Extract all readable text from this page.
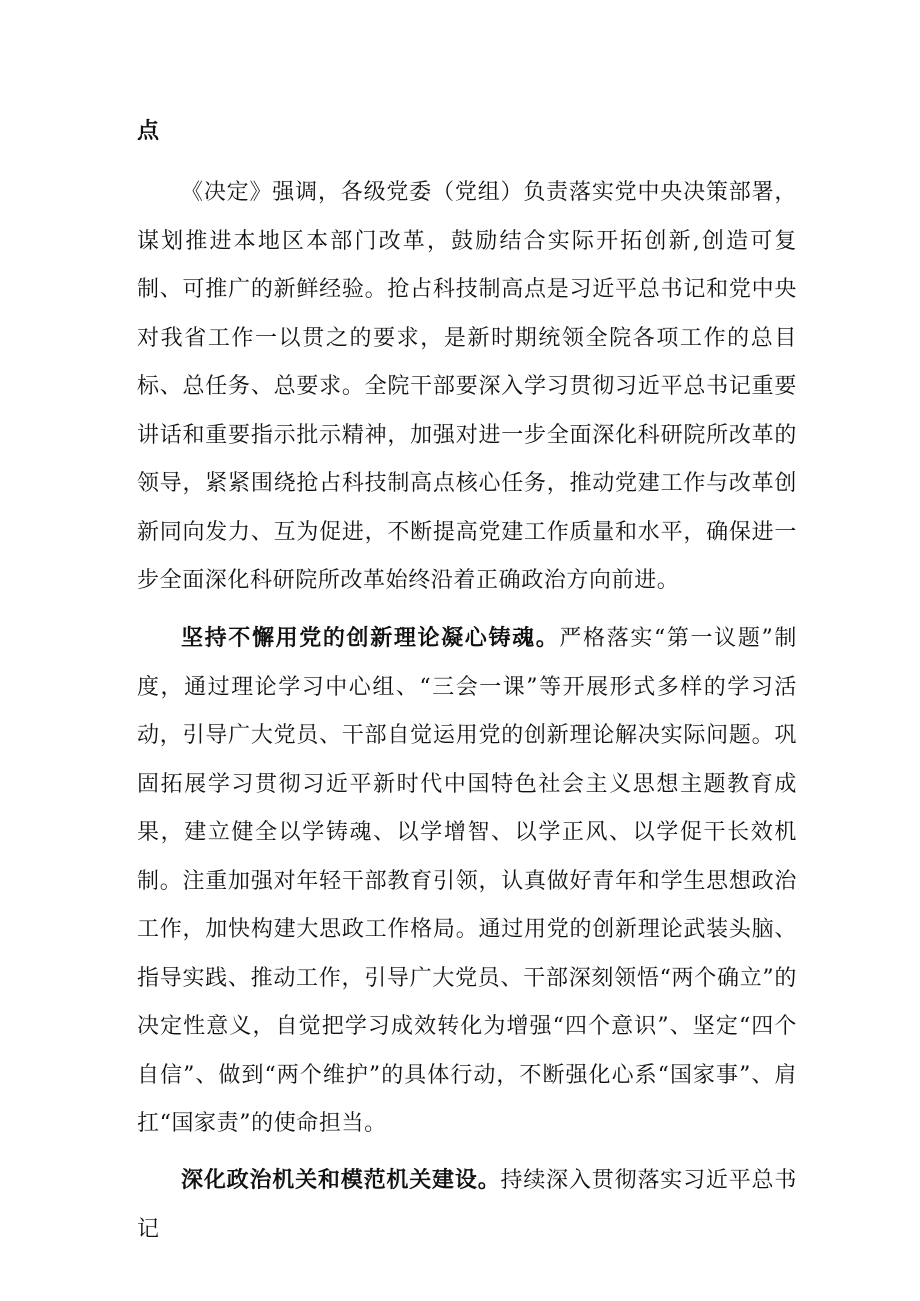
点

《决定》强调，各级党委（党组）负责落实党中央决策部署，谋划推进本地区本部门改革，鼓励结合实际开拓创新,创造可复制、可推广的新鲜经验。抢占科技制高点是习近平总书记和党中央对我省工作一以贯之的要求，是新时期统领全院各项工作的总目标、总任务、总要求。全院干部要深入学习贯彻习近平总书记重要讲话和重要指示批示精神，加强对进一步全面深化科研院所改革的领导，紧紧围绕抢占科技制高点核心任务，推动党建工作与改革创新同向发力、互为促进，不断提高党建工作质量和水平，确保进一步全面深化科研院所改革始终沿着正确政治方向前进。

坚持不懈用党的创新理论凝心铸魂。严格落实“第一议题”制度，通过理论学习中心组、“三会一课”等开展形式多样的学习活动，引导广大党员、干部自觉运用党的创新理论解决实际问题。巩固拓展学习贯彻习近平新时代中国特色社会主义思想主题教育成果，建立健全以学铸魂、以学增智、以学正风、以学促干长效机制。注重加强对年轻干部教育引领，认真做好青年和学生思想政治工作，加快构建大思政工作格局。通过用党的创新理论武装头脑、指导实践、推动工作，引导广大党员、干部深刻领悟“两个确立”的决定性意义，自觉把学习成效转化为增强“四个意识”、坚定“四个自信”、做到“两个维护”的具体行动，不断强化心系“国家事”、肩扛“国家责”的使命担当。

深化政治机关和模范机关建设。持续深入贯彻落实习近平总书记
